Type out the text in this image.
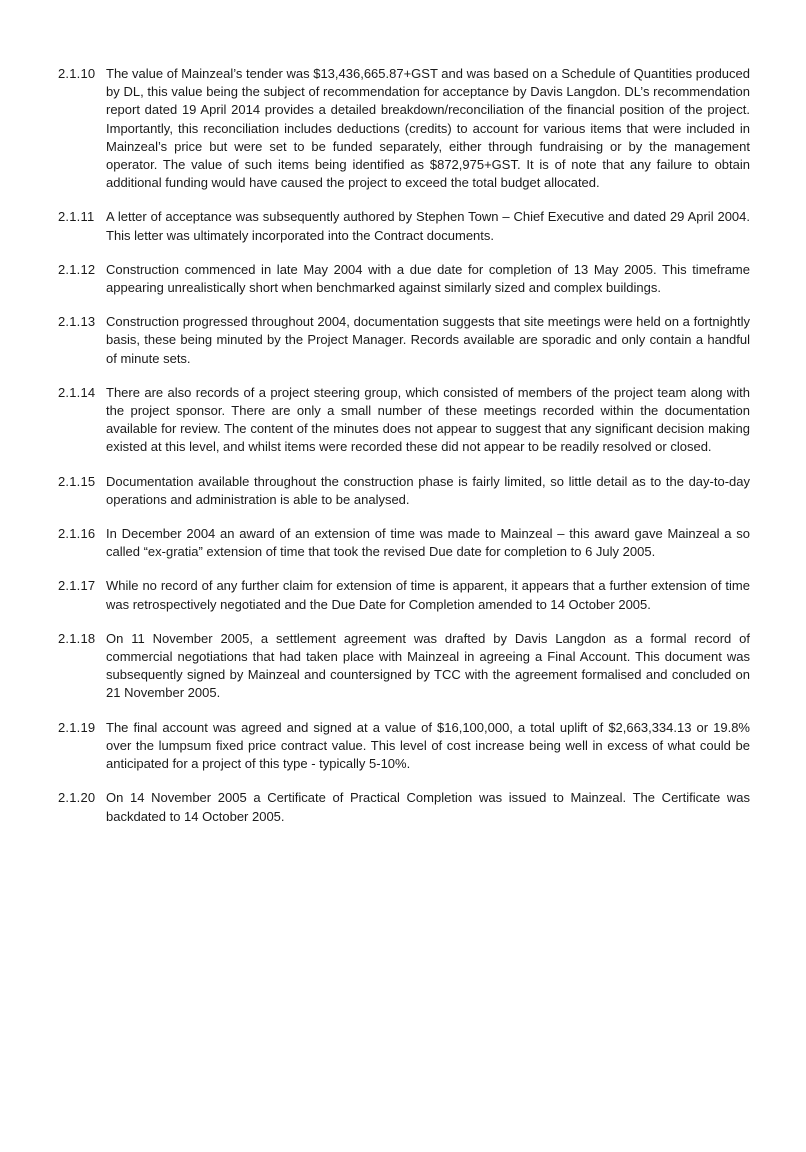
2.1.10 The value of Mainzeal’s tender was $13,436,665.87+GST and was based on a Schedule of Quantities produced by DL, this value being the subject of recommendation for acceptance by Davis Langdon. DL’s recommendation report dated 19 April 2014 provides a detailed breakdown/reconciliation of the financial position of the project. Importantly, this reconciliation includes deductions (credits) to account for various items that were included in Mainzeal’s price but were set to be funded separately, either through fundraising or by the management operator. The value of such items being identified as $872,975+GST. It is of note that any failure to obtain additional funding would have caused the project to exceed the total budget allocated.
2.1.11 A letter of acceptance was subsequently authored by Stephen Town – Chief Executive and dated 29 April 2004. This letter was ultimately incorporated into the Contract documents.
2.1.12 Construction commenced in late May 2004 with a due date for completion of 13 May 2005. This timeframe appearing unrealistically short when benchmarked against similarly sized and complex buildings.
2.1.13 Construction progressed throughout 2004, documentation suggests that site meetings were held on a fortnightly basis, these being minuted by the Project Manager. Records available are sporadic and only contain a handful of minute sets.
2.1.14 There are also records of a project steering group, which consisted of members of the project team along with the project sponsor. There are only a small number of these meetings recorded within the documentation available for review. The content of the minutes does not appear to suggest that any significant decision making existed at this level, and whilst items were recorded these did not appear to be readily resolved or closed.
2.1.15 Documentation available throughout the construction phase is fairly limited, so little detail as to the day-to-day operations and administration is able to be analysed.
2.1.16 In December 2004 an award of an extension of time was made to Mainzeal – this award gave Mainzeal a so called “ex-gratia” extension of time that took the revised Due date for completion to 6 July 2005.
2.1.17 While no record of any further claim for extension of time is apparent, it appears that a further extension of time was retrospectively negotiated and the Due Date for Completion amended to 14 October 2005.
2.1.18 On 11 November 2005, a settlement agreement was drafted by Davis Langdon as a formal record of commercial negotiations that had taken place with Mainzeal in agreeing a Final Account. This document was subsequently signed by Mainzeal and countersigned by TCC with the agreement formalised and concluded on 21 November 2005.
2.1.19 The final account was agreed and signed at a value of $16,100,000, a total uplift of $2,663,334.13 or 19.8% over the lumpsum fixed price contract value. This level of cost increase being well in excess of what could be anticipated for a project of this type - typically 5-10%.
2.1.20 On 14 November 2005 a Certificate of Practical Completion was issued to Mainzeal. The Certificate was backdated to 14 October 2005.
